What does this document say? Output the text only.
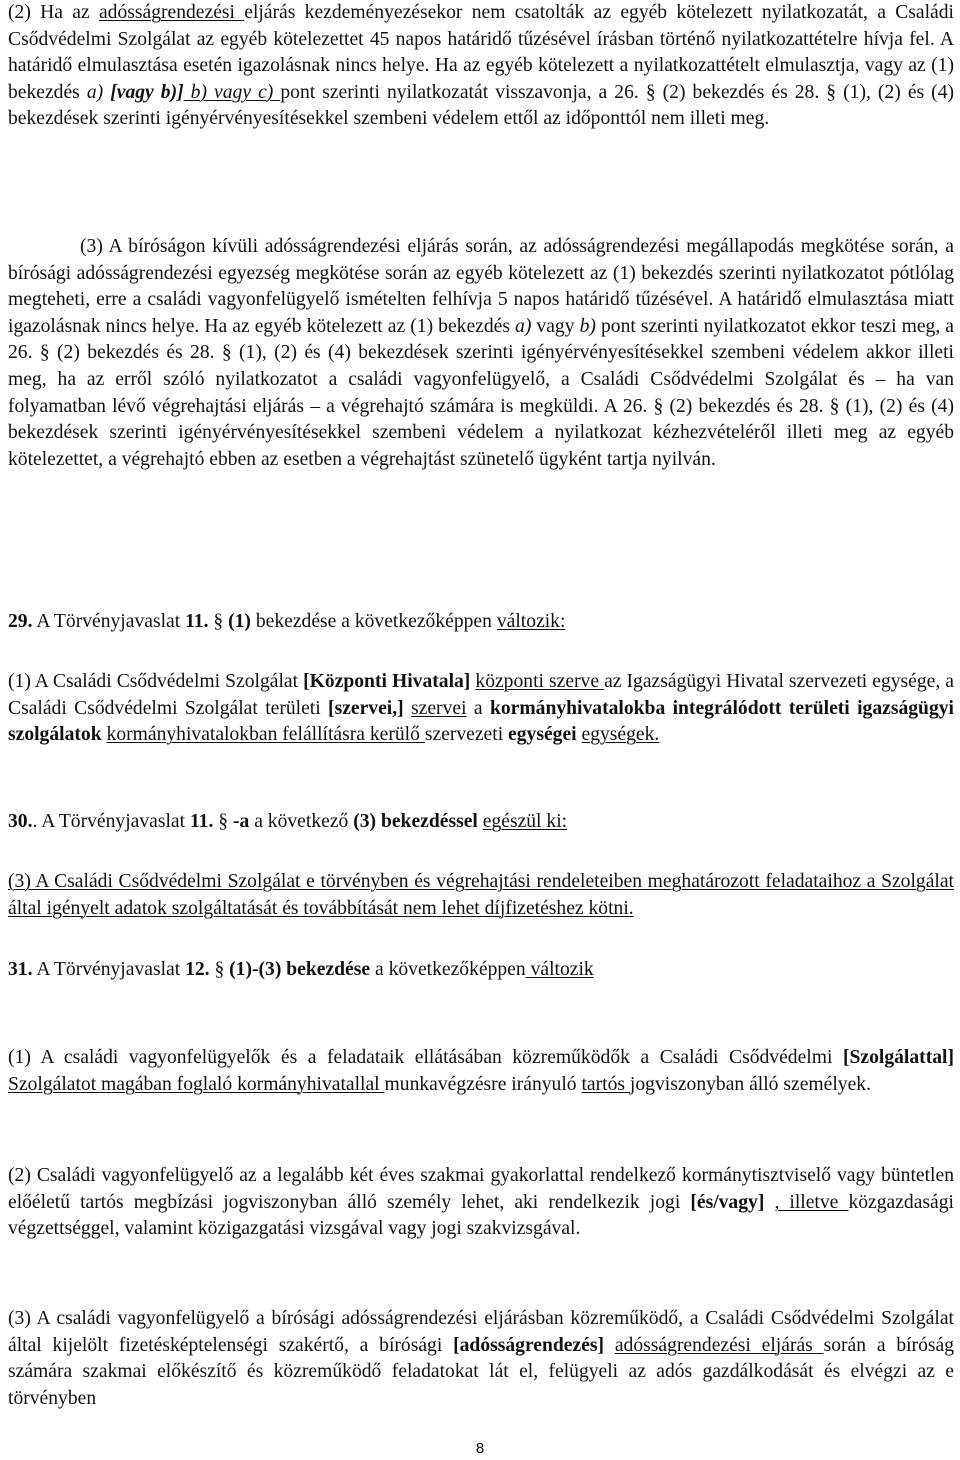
(2) Ha az adósságrendezési eljárás kezdeményezésekor nem csatolták az egyéb kötelezett nyilatkozatát, a Családi Csődvédelmi Szolgálat az egyéb kötelezettet 45 napos határidő tűzésével írásban történő nyilatkozattételre hívja fel. A határidő elmulasztása esetén igazolásnak nincs helye. Ha az egyéb kötelezett a nyilatkozattételt elmulasztja, vagy az (1) bekezdés a) [vagy b)] b) vagy c) pont szerinti nyilatkozatát visszavonja, a 26. § (2) bekezdés és 28. § (1), (2) és (4) bekezdések szerinti igényérvényesítésekkel szembeni védelem ettől az időponttól nem illeti meg.

(3) A bíróságon kívüli adósságrendezési eljárás során, az adósságrendezési megállapodás megkötése során, a bírósági adósságrendezési egyezség megkötése során az egyéb kötelezett az (1) bekezdés szerinti nyilatkozatot pótlólag megteheti, erre a családi vagyonfelügyelő ismételten felhívja 5 napos határidő tűzésével. A határidő elmulasztása miatt igazolásnak nincs helye. Ha az egyéb kötelezett az (1) bekezdés a) vagy b) pont szerinti nyilatkozatot ekkor teszi meg, a 26. § (2) bekezdés és 28. § (1), (2) és (4) bekezdések szerinti igényérvényesítésekkel szembeni védelem akkor illeti meg, ha az erről szóló nyilatkozatot a családi vagyonfelügyelő, a Családi Csődvédelmi Szolgálat és – ha van folyamatban lévő végrehajtási eljárás – a végrehajtó számára is megküldi. A 26. § (2) bekezdés és 28. § (1), (2) és (4) bekezdések szerinti igényérvényesítésekkel szembeni védelem a nyilatkozat kézhezvételéről illeti meg az egyéb kötelezettet, a végrehajtó ebben az esetben a végrehajtást szünetelő ügyként tartja nyilván.

29. A Törvényjavaslat 11. § (1) bekezdése a következőképpen változik:

(1) A Családi Csődvédelmi Szolgálat [Központi Hivatala] központi szerve az Igazságügyi Hivatal szervezeti egysége, a Családi Csődvédelmi Szolgálat területi [szervei,] szervei a kormányhivatalokba integrálódott területi igazságügyi szolgálatok kormányhivatalokban felállításra kerülő szervezeti egységei egységek.

30.. A Törvényjavaslat 11. § -a a következő (3) bekezdéssel egészül ki:

(3) A Családi Csődvédelmi Szolgálat e törvényben és végrehajtási rendeleteiben meghatározott feladataihoz a Szolgálat által igényelt adatok szolgáltatását és továbbítását nem lehet díjfizetéshez kötni.

31. A Törvényjavaslat 12. § (1)-(3) bekezdése a következőképpen változik

(1) A családi vagyonfelügyelők és a feladataik ellátásában közreműködők a Családi Csődvédelmi [Szolgálattal] Szolgálatot magában foglaló kormányhivatallal munkavégzésre irányuló tartós jogviszonyban álló személyek.

(2) Családi vagyonfelügyelő az a legalább két éves szakmai gyakorlattal rendelkező kormánytisztviselő vagy büntetlen előéletű tartós megbízási jogviszonyban álló személy lehet, aki rendelkezik jogi [és/vagy] , illetve közgazdasági végzettséggel, valamint közigazgatási vizsgával vagy jogi szakvizsgával.

(3) A családi vagyonfelügyelő a bírósági adósságrendezési eljárásban közreműködő, a Családi Csődvédelmi Szolgálat által kijelölt fizetésképtelenségi szakértő, a bírósági [adósságrendezés] adósságrendezési eljárás során a bíróság számára szakmai előkészítő és közreműködő feladatokat lát el, felügyeli az adós gazdálkodását és elvégzi az e törvényben

8
